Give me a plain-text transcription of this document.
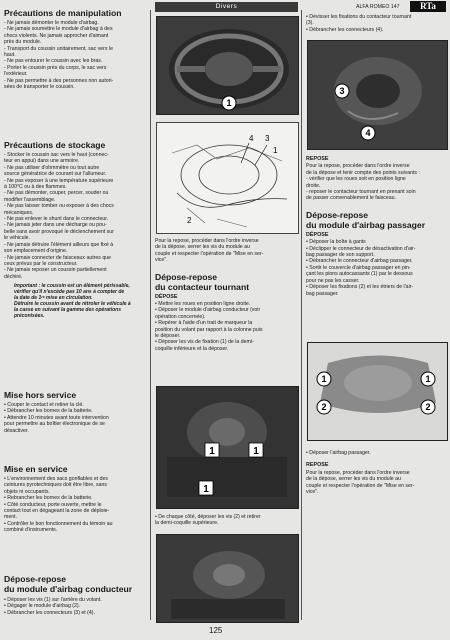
Divers	ALFA ROMEO 147	RTa
Précautions de manipulation
- Ne jamais démonter le module d'airbag.
- Ne jamais soumettre le module d'airbag à des
chocs violents. Ne jamais approcher d'aimant
près du module.
- Transport du coussin unitairement, sac vers le
haut.
- Ne pas entourer le coussin avec les bras.
- Porter le coussin près du corps, le sac vers
l'extérieur.
- Ne pas permettre à des personnes non autori-
sées de transporter le coussin.
Précautions de stockage
- Stocker le coussin sac vers le haut (connec-
teur en appui) dans une armoire.
- Ne pas utiliser d'ohmmètre ou tout autre
source génératrice de courant sur l'allumeur.
- Ne pas exposer à une température supérieure
à 100°C ou à des flammes.
- Ne pas démonter, couper, percer, souder ou
modifier l'assemblage.
- Ne pas laisser tomber ou exposer à des chocs
mécaniques.
- Ne pas enlever le shunt dans le connecteur.
- Ne jamais jeter dans une décharge ou pou-
belle sans avoir provoqué le déclenchement sur
le véhicule.
- Ne jamais détruire l'élément ailleurs que fixé à
son emplacement d'origine.
- Ne jamais connecter de faisceaux autres que
ceux prévus par le constructeur.
- Ne jamais reposer un coussin partiellement
déchiré.
Important : le coussin est un élément périssable,
vérifier qu'il n'excède pas 10 ans à compter de
la date de 1ʳᵉ mise en circulation.
Détruire le coussin avant de rétroler le véhicule à
la casse en suivant la gamme des opérations
préconisées.
Mise hors service
• Couper le contact et retirer la clé.
• Débrancher les bornes de la batterie.
• Attendre 10 minutes avant toute intervention
pour permettre au boîtier électronique de se
désactiver.
Mise en service
• L'environnement des sacs gonflables et des
ceintures pyrotechniques doit être libre, sans
objets ni occupants.
• Rebrancher les bornes de la batterie.
• Côté conducteur, porte ouverte, mettre le
contact tout en dégageant la zone de déploie-
ment.
• Contrôler le bon fonctionnement du témoin au
combiné d'instruments.
Dépose-repose
du module d'airbag conducteur
• Déposer les vis (1) sur l'arrière du volant.
• Dégager le module d'airbag (2).
• Débrancher les connecteurs (3) et (4).
1
4 3
1
2
Pour la repose, procéder dans l'ordre inverse
de la dépose, serrer les vis du module au
couple et respecter l'opération de "Mise en ser-
vice".
Dépose-repose
du contacteur tournant
DÉPOSE
• Mettre les roues en position ligne droite.
• Déposer le module d'airbag conducteur (voir
opération concernée).
• Repérer à l'aide d'un trait de marqueur la
position du volant par rapport à la colonne puis
le déposer.
• Déposer les vis de fixation (1) de la demi-
coquille inférieure et la déposer.
1	1
1
• De chaque côté, déposer les vis (2) et retirer
la demi-coquille supérieure.
• Dévisser les fixations du contacteur tournant
(3).
• Débrancher les connecteurs (4).
3
4
REPOSE
Pour la repose, procéder dans l'ordre inverse
de la dépose et tenir compte des points suivants :
- vérifier que les roues soit en position ligne
droite.
- reposer le contacteur tournant en prenant soin
de passer convenablement le faisceau.
Dépose-repose
du module d'airbag passager
DÉPOSE
• Déposer la boîte à gants
• Déclipper le connecteur de désactivation d'air-
bag passager de son support.
• Débrancher le connecteur d'airbag passager.
• Sortir le couvercle d'airbag passager en pin-
çant les pions autocassants (1) par le dessous
pour ne pas les casser.
• Déposer les fixations (2) et les étriers de l'air-
bag passager.
1
2
1
2
• Déposer l'airbag passager.
REPOSE
Pour la repose, procéder dans l'ordre inverse
de la dépose, serrer les vis du module au
couple et respecter l'opération de "Mise en ser-
vice".
125
